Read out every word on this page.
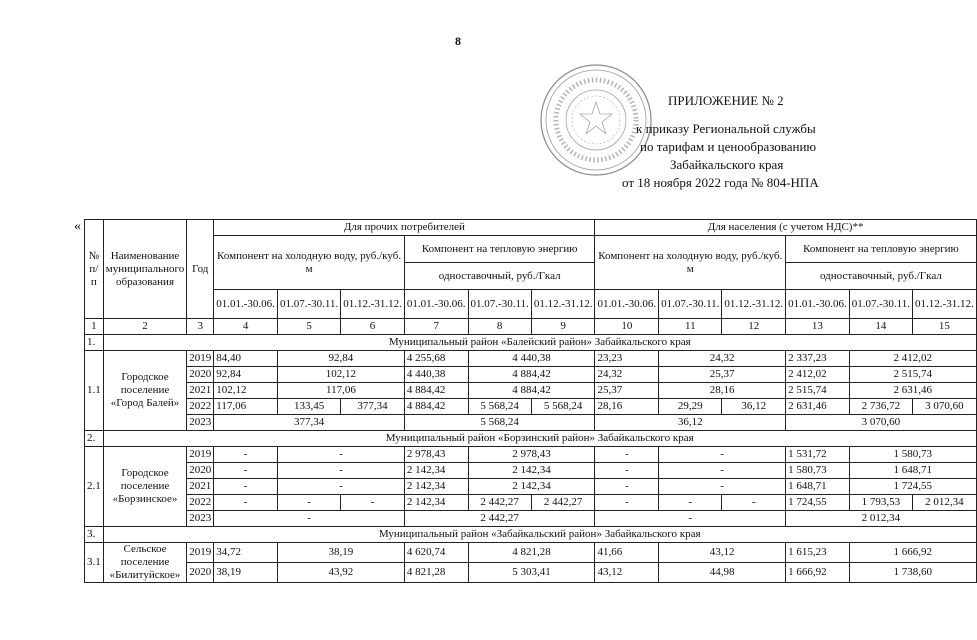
8
ПРИЛОЖЕНИЕ № 2
к приказу Региональной службы
по тарифам и ценообразованию
Забайкальского края
от 18 ноября 2022 года № 804-НПА
«
№ п/п	Наименование муниципального образования	Год	Для прочих потребителей						Для населения (с учетом НДС)**					
			Компонент на холодную воду, руб./куб. м			Компонент на тепловую энергию			Компонент на холодную воду, руб./куб. м			Компонент на тепловую энергию		
						одноставочный, руб./Гкал						одноставочный, руб./Гкал		
			01.01.-30.06.	01.07.-30.11.	01.12.-31.12.	01.01.-30.06.	01.07.-30.11.	01.12.-31.12.	01.01.-30.06.	01.07.-30.11.	01.12.-31.12.	01.01.-30.06.	01.07.-30.11.	01.12.-31.12.
1	2	3	4	5	6	7	8	9	10	11	12	13	14	15
1.	Муниципальный район «Балейский район» Забайкальского края													
1.1	Городское поселение «Город Балей»	2019	84,40	92,84		4 255,68	4 440,38		23,23	24,32		2 337,23	2 412,02	
		2020	92,84	102,12		4 440,38	4 884,42		24,32	25,37		2 412,02	2 515,74	
		2021	102,12	117,06		4 884,42	4 884,42		25,37	28,16		2 515,74	2 631,46	
		2022	117,06	133,45	377,34	4 884,42	5 568,24	5 568,24	28,16	29,29	36,12	2 631,46	2 736,72	3 070,60
		2023	377,34			5 568,24			36,12			3 070,60		
2.	Муниципальный район «Борзинский район» Забайкальского края													
2.1	Городское поселение «Борзинское»	2019	-	-		2 978,43	2 978,43		-	-		1 531,72	1 580,73	
		2020	-	-		2 142,34	2 142,34		-	-		1 580,73	1 648,71	
		2021	-	-		2 142,34	2 142,34		-	-		1 648,71	1 724,55	
		2022	-	-	-	2 142,34	2 442,27	2 442,27	-	-	-	1 724,55	1 793,53	2 012,34
		2023	-			2 442,27			-			2 012,34		
3.	Муниципальный район «Забайкальский район» Забайкальского края													
3.1	Сельское поселение «Билитуйское»	2019	34,72	38,19		4 620,74	4 821,28		41,66	43,12		1 615,23	1 666,92	
		2020	38,19	43,92		4 821,28	5 303,41		43,12	44,98		1 666,92	1 738,60	
